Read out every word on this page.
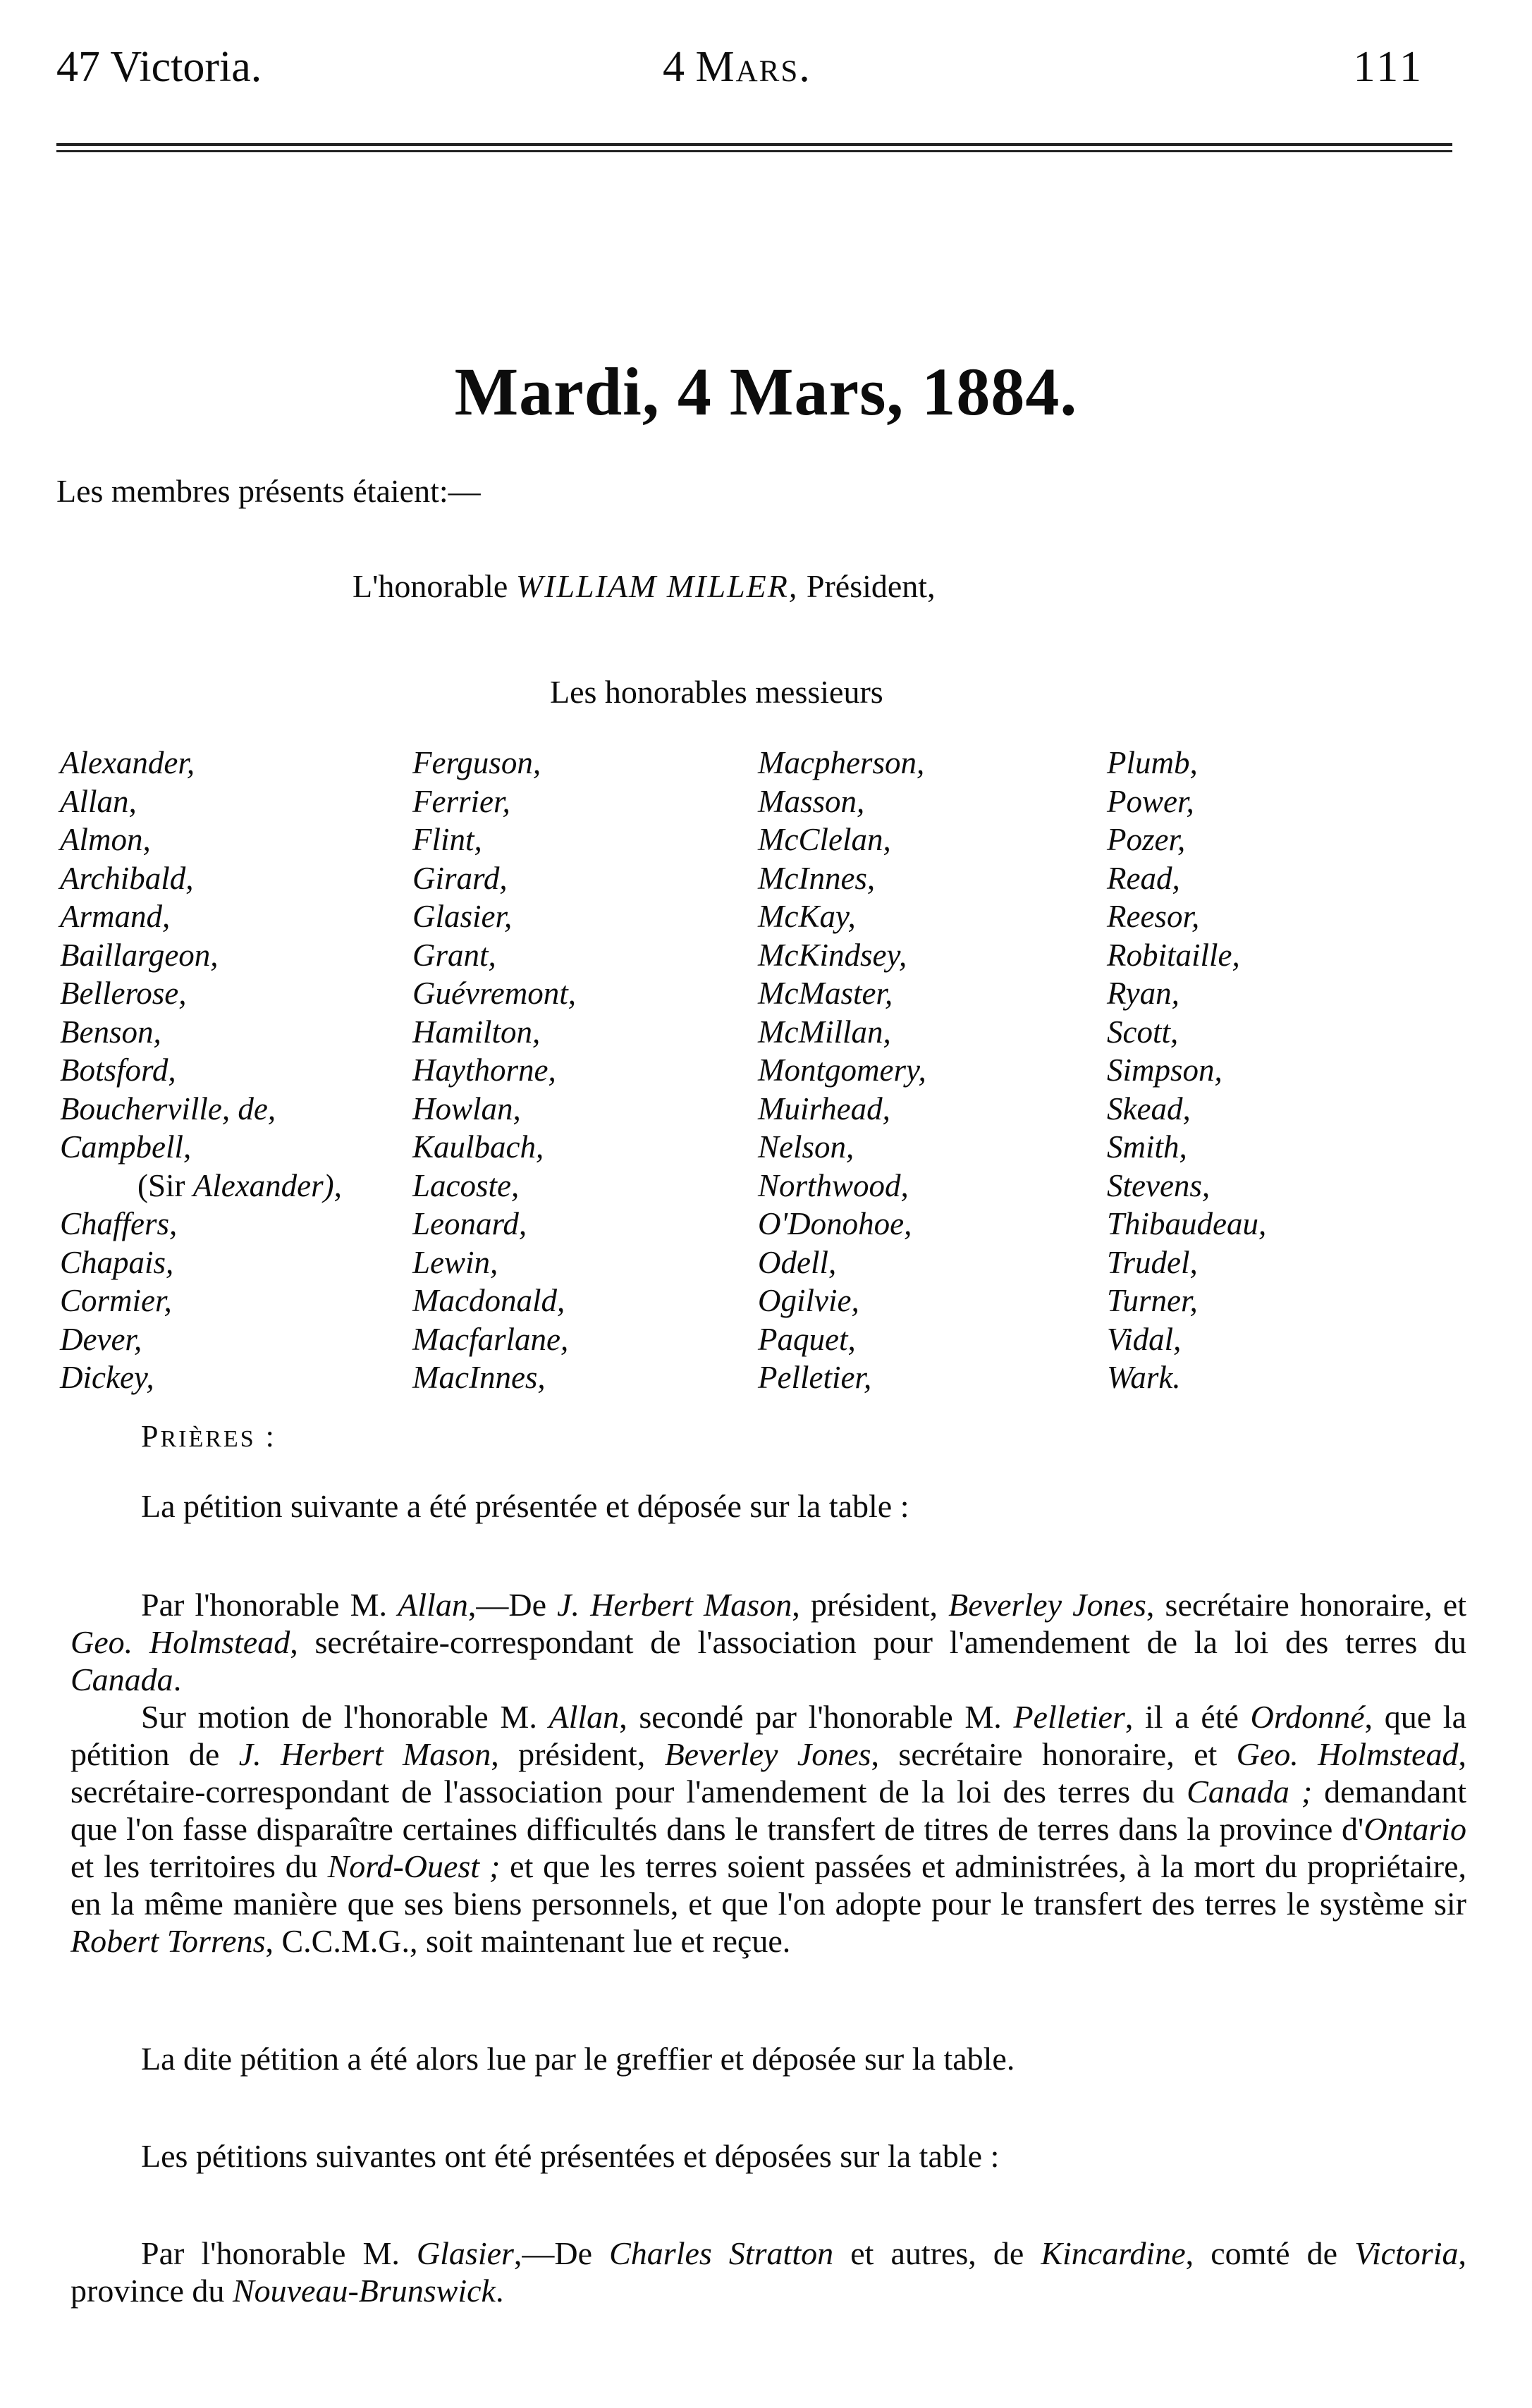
47 Victoria.	4 Mars.	111
Mardi, 4 Mars, 1884.
Les membres présents étaient:—
L'honorable WILLIAM MILLER, Président,
Les honorables messieurs
Alexander,
Allan,
Almon,
Archibald,
Armand,
Baillargeon,
Bellerose,
Benson,
Botsford,
Boucherville, de,
Campbell,
(Sir Alexander),
Chaffers,
Chapais,
Cormier,
Dever,
Dickey,
Ferguson,
Ferrier,
Flint,
Girard,
Glasier,
Grant,
Guévremont,
Hamilton,
Haythorne,
Howlan,
Kaulbach,
Lacoste,
Leonard,
Lewin,
Macdonald,
Macfarlane,
MacInnes,
Macpherson,
Masson,
McClelan,
McInnes,
McKay,
McKindsey,
McMaster,
McMillan,
Montgomery,
Muirhead,
Nelson,
Northwood,
O'Donohoe,
Odell,
Ogilvie,
Paquet,
Pelletier,
Plumb,
Power,
Pozer,
Read,
Reesor,
Robitaille,
Ryan,
Scott,
Simpson,
Skead,
Smith,
Stevens,
Thibaudeau,
Trudel,
Turner,
Vidal,
Wark.
PRIÈRES :
La pétition suivante a été présentée et déposée sur la table :
Par l'honorable M. Allan,—De J. Herbert Mason, président, Beverley Jones, secrétaire honoraire, et Geo. Holmstead, secrétaire-correspondant de l'association pour l'amendement de la loi des terres du Canada.
Sur motion de l'honorable M. Allan, secondé par l'honorable M. Pelletier, il a été Ordonné, que la pétition de J. Herbert Mason, président, Beverley Jones, secrétaire honoraire, et Geo. Holmstead, secrétaire-correspondant de l'association pour l'amendement de la loi des terres du Canada ; demandant que l'on fasse disparaître certaines difficultés dans le transfert de titres de terres dans la province d'Ontario et les territoires du Nord-Ouest ; et que les terres soient passées et administrées, à la mort du propriétaire, en la même manière que ses biens personnels, et que l'on adopte pour le transfert des terres le système sir Robert Torrens, C.C.M.G., soit maintenant lue et reçue.
La dite pétition a été alors lue par le greffier et déposée sur la table.
Les pétitions suivantes ont été présentées et déposées sur la table :
Par l'honorable M. Glasier,—De Charles Stratton et autres, de Kincardine, comté de Victoria, province du Nouveau-Brunswick.
